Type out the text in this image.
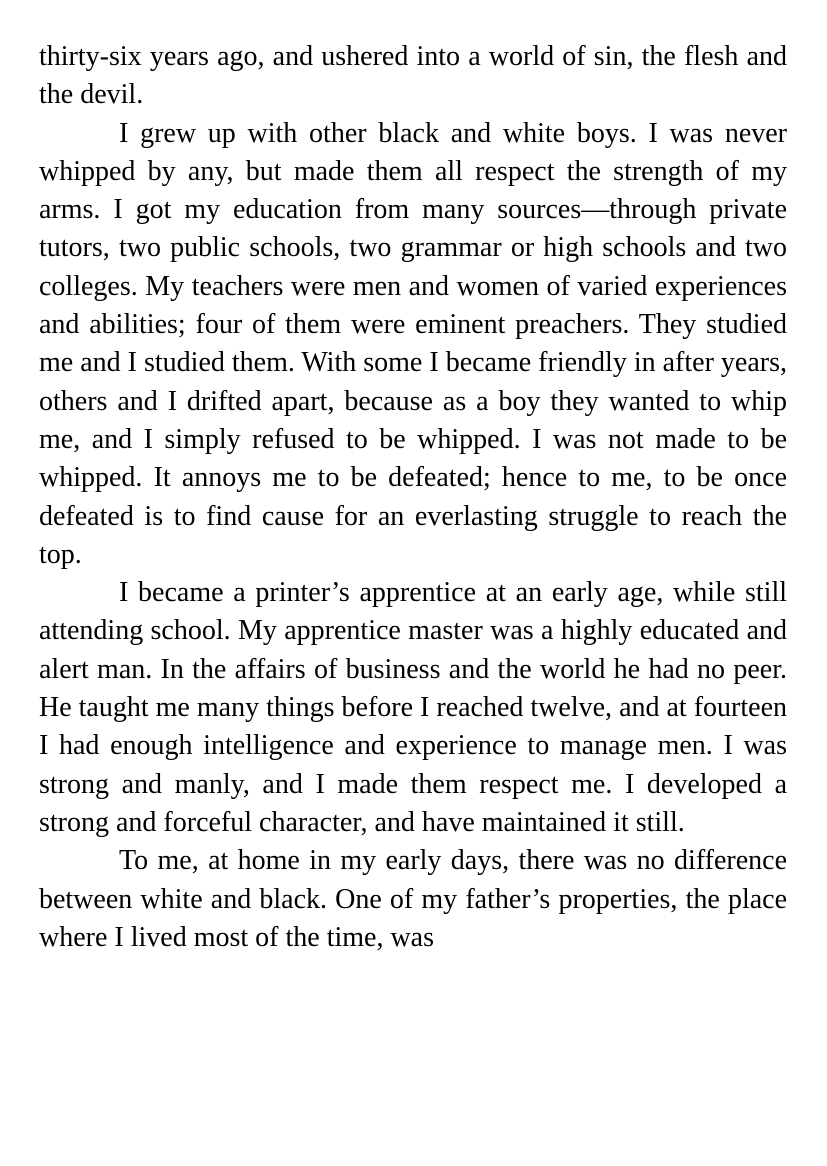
thirty-six years ago, and ushered into a world of sin, the flesh and the devil.

I grew up with other black and white boys. I was never whipped by any, but made them all respect the strength of my arms. I got my education from many sources—through private tutors, two public schools, two grammar or high schools and two colleges. My teachers were men and women of varied experiences and abilities; four of them were eminent preachers. They studied me and I studied them. With some I became friendly in after years, others and I drifted apart, because as a boy they wanted to whip me, and I simply refused to be whipped. I was not made to be whipped. It annoys me to be defeated; hence to me, to be once defeated is to find cause for an everlasting struggle to reach the top.

I became a printer’s apprentice at an early age, while still attending school. My apprentice master was a highly educated and alert man. In the affairs of business and the world he had no peer. He taught me many things before I reached twelve, and at fourteen I had enough intelligence and experience to manage men. I was strong and manly, and I made them respect me. I developed a strong and forceful character, and have maintained it still.

To me, at home in my early days, there was no difference between white and black. One of my father’s properties, the place where I lived most of the time, was
